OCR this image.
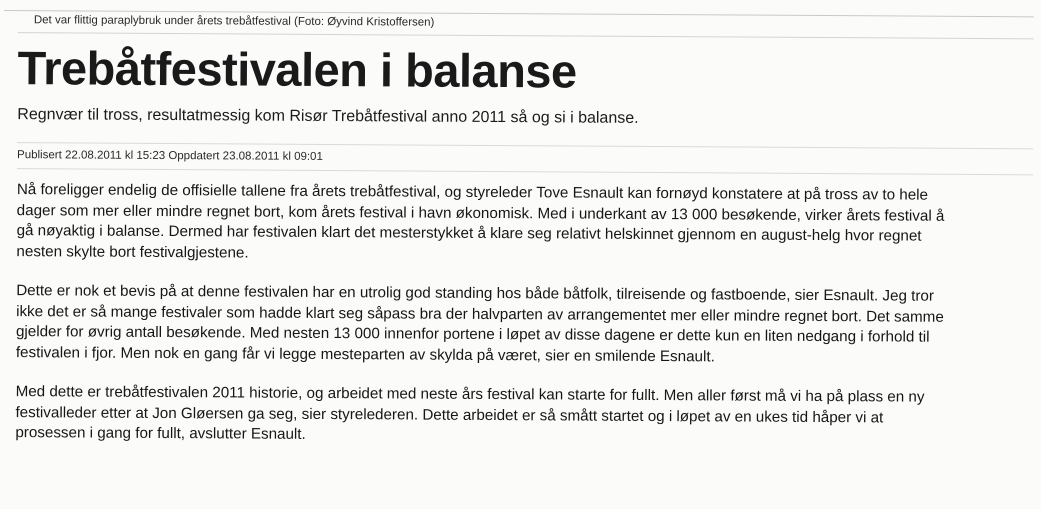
Det var flittig paraplybruk under årets trebåtfestival (Foto: Øyvind Kristoffersen)
Trebåtfestivalen i balanse
Regnvær til tross, resultatmessig kom Risør Trebåtfestival anno 2011 så og si i balanse.
Publisert 22.08.2011 kl 15:23 Oppdatert 23.08.2011 kl 09:01

Nå foreligger endelig de offisielle tallene fra årets trebåtfestival, og styreleder Tove Esnault kan fornøyd konstatere at på tross av to hele
dager som mer eller mindre regnet bort, kom årets festival i havn økonomisk. Med i underkant av 13 000 besøkende, virker årets festival å
gå nøyaktig i balanse. Dermed har festivalen klart det mesterstykket å klare seg relativt helskinnet gjennom en august-helg hvor regnet
nesten skylte bort festivalgjestene.

Dette er nok et bevis på at denne festivalen har en utrolig god standing hos både båtfolk, tilreisende og fastboende, sier Esnault. Jeg tror
ikke det er så mange festivaler som hadde klart seg såpass bra der halvparten av arrangementet mer eller mindre regnet bort. Det samme
gjelder for øvrig antall besøkende. Med nesten 13 000 innenfor portene i løpet av disse dagene er dette kun en liten nedgang i forhold til
festivalen i fjor. Men nok en gang får vi legge mesteparten av skylda på været, sier en smilende Esnault.

Med dette er trebåtfestivalen 2011 historie, og arbeidet med neste års festival kan starte for fullt. Men aller først må vi ha på plass en ny
festivalleder etter at Jon Gløersen ga seg, sier styrelederen. Dette arbeidet er så smått startet og i løpet av en ukes tid håper vi at
prosessen i gang for fullt, avslutter Esnault.
